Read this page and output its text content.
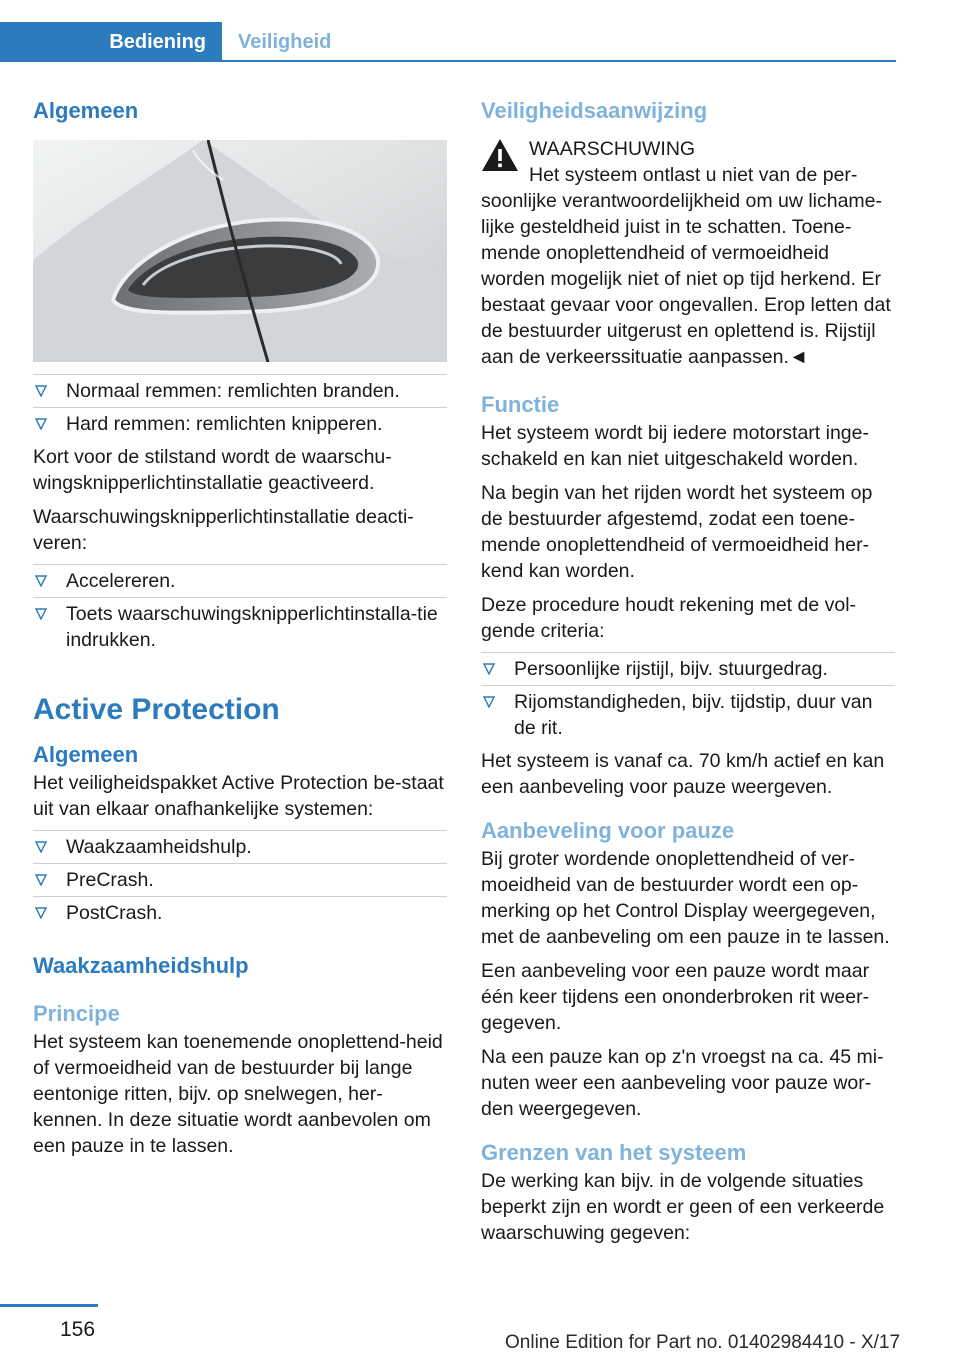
Bediening Veiligheid
Algemeen
Normaal remmen: remlichten branden.
Hard remmen: remlichten knipperen.

Kort voor de stilstand wordt de waarschu-wingsknipperlichtinstallatie geactiveerd.

Waarschuwingsknipperlichtinstallatie deacti-veren:

Accelereren.
Toets waarschuwingsknipperlichtinstalla-tie indrukken.
Active Protection
Algemeen

Het veiligheidspakket Active Protection be-staat uit van elkaar onafhankelijke systemen:

Waakzaamheidshulp.
PreCrash.
PostCrash.
Waakzaamheidshulp
Principe

Het systeem kan toenemende onoplettend-heid of vermoeidheid van de bestuurder bij lange eentonige ritten, bijv. op snelwegen, her-kennen. In deze situatie wordt aanbevolen om een pauze in te lassen.

Veiligheidsaanwijzing

WAARSCHUWING

Het systeem ontlast u niet van de per-

soonlijke verantwoordelijkheid om uw lichame-lijke gesteldheid juist in te schatten. Toene-mende onoplettendheid of vermoeidheid worden mogelijk niet of niet op tijd herkend. Er bestaat gevaar voor ongevallen. Erop letten dat de bestuurder uitgerust en oplettend is. Rijstijl aan de verkeerssituatie aanpassen.◄

Functie

Het systeem wordt bij iedere motorstart inge-schakeld en kan niet uitgeschakeld worden.

Na begin van het rijden wordt het systeem op de bestuurder afgestemd, zodat een toene-mende onoplettendheid of vermoeidheid her-kend kan worden.

Deze procedure houdt rekening met de vol-gende criteria:

Persoonlijke rijstijl, bijv. stuurgedrag.
Rijomstandigheden, bijv. tijdstip, duur van de rit.

Het systeem is vanaf ca. 70 km/h actief en kan een aanbeveling voor pauze weergeven.

Aanbeveling voor pauze

Bij groter wordende onoplettendheid of ver-moeidheid van de bestuurder wordt een op-merking op het Control Display weergegeven, met de aanbeveling om een pauze in te lassen.

Een aanbeveling voor een pauze wordt maar één keer tijdens een ononderbroken rit weer-gegeven.

Na een pauze kan op z'n vroegst na ca. 45 mi-nuten weer een aanbeveling voor pauze wor-den weergegeven.

Grenzen van het systeem

De werking kan bijv. in de volgende situaties beperkt zijn en wordt er geen of een verkeerde waarschuwing gegeven:

156
Online Edition for Part no. 01402984410 - X/17
